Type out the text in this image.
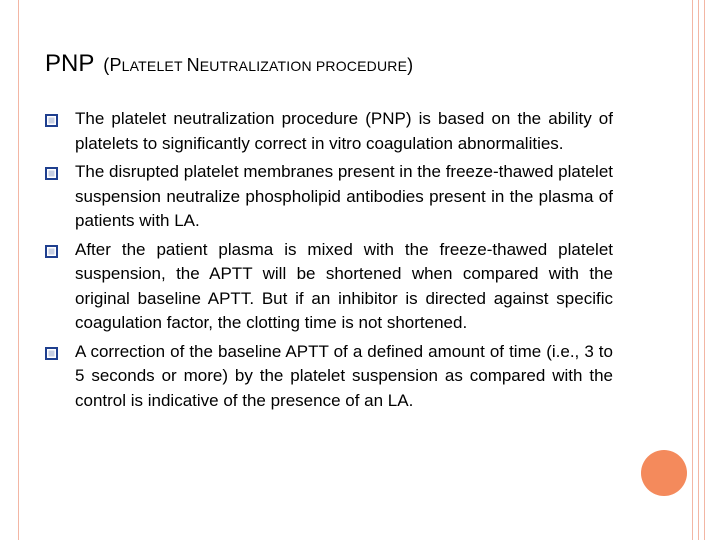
PNP (PLATELET NEUTRALIZATION PROCEDURE)
The platelet neutralization procedure (PNP) is based on the ability of platelets to significantly correct in vitro coagulation abnormalities.
The disrupted platelet membranes present in the freeze-thawed platelet suspension neutralize phospholipid antibodies present in the plasma of patients with LA.
After the patient plasma is mixed with the freeze-thawed platelet suspension, the APTT will be shortened when compared with the original baseline APTT. But if an inhibitor is directed against specific coagulation factor, the clotting time is not shortened.
A correction of the baseline APTT of a defined amount of time (i.e., 3 to 5 seconds or more) by the platelet suspension as compared with the control is indicative of the presence of an LA.
